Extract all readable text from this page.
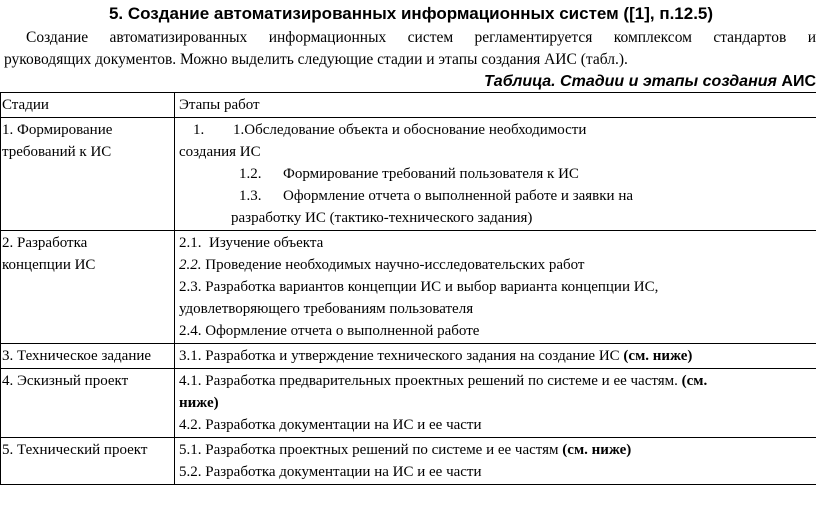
5. Создание автоматизированных информационных систем ([1], п.12.5)
Создание автоматизированных информационных систем регламентируется комплексом стандартов и
руководящих документов. Можно выделить следующие стадии и этапы создания АИС (табл.).
Таблица. Стадии и этапы создания АИС
Стадии	Этапы работ

1. Формирование
требований к ИС	1. 1.Обследование объекта и обоснование необходимости
создания ИС
1.2. Формирование требований пользователя к ИС
1.3. Оформление отчета о выполненной работе и заявки на
разработку ИС (тактико-технического задания)

2. Разработка
концепции ИС	2.1. Изучение объекта
2.2. Проведение необходимых научно-исследовательских работ
2.3. Разработка вариантов концепции ИС и выбор варианта концепции ИС,
удовлетворяющего требованиям пользователя
2.4. Оформление отчета о выполненной работе

3. Техническое задание	3.1. Разработка и утверждение технического задания на создание ИС (см. ниже)

4. Эскизный проект	4.1. Разработка предварительных проектных решений по системе и ее частям. (см.
ниже)
4.2. Разработка документации на ИС и ее части

5. Технический проект	5.1. Разработка проектных решений по системе и ее частям (см. ниже)
5.2. Разработка документации на ИС и ее части
